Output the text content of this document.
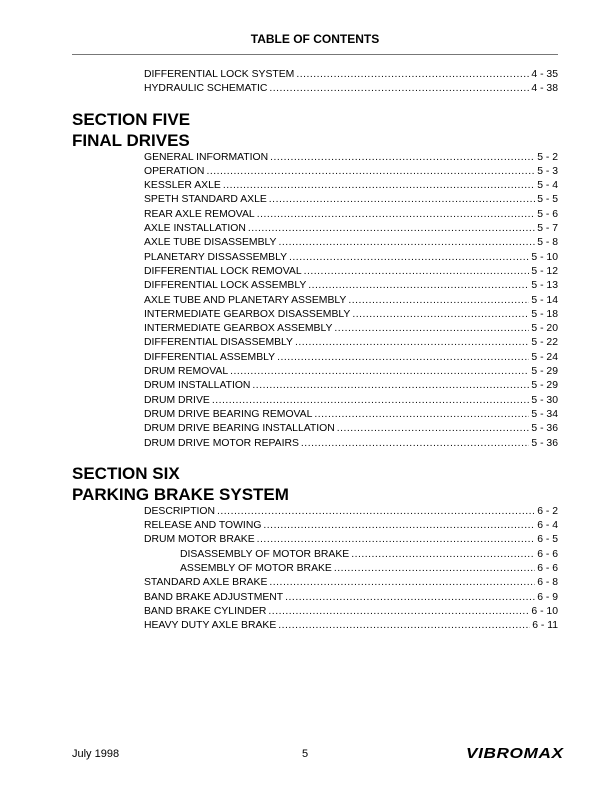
TABLE OF CONTENTS
DIFFERENTIAL LOCK SYSTEM .....	4 - 35
HYDRAULIC SCHEMATIC .....	4 - 38
SECTION FIVE
FINAL DRIVES
GENERAL INFORMATION .....	5 - 2
OPERATION .....	5 - 3
KESSLER AXLE .....	5 - 4
SPETH STANDARD AXLE .....	5 - 5
REAR AXLE REMOVAL .....	5 - 6
AXLE INSTALLATION .....	5 - 7
AXLE TUBE DISASSEMBLY .....	5 - 8
PLANETARY DISSASSEMBLY .....	5 - 10
DIFFERENTIAL LOCK REMOVAL .....	5 - 12
DIFFERENTIAL LOCK ASSEMBLY .....	5 - 13
AXLE TUBE AND PLANETARY ASSEMBLY .....	5 - 14
INTERMEDIATE GEARBOX DISASSEMBLY .....	5 - 18
INTERMEDIATE GEARBOX ASSEMBLY .....	5 - 20
DIFFERENTIAL DISASSEMBLY .....	5 - 22
DIFFERENTIAL ASSEMBLY .....	5 - 24
DRUM REMOVAL .....	5 - 29
DRUM INSTALLATION .....	5 - 29
DRUM DRIVE .....	5 - 30
DRUM DRIVE BEARING REMOVAL .....	5 - 34
DRUM DRIVE BEARING INSTALLATION .....	5 - 36
DRUM DRIVE MOTOR REPAIRS .....	5 - 36
SECTION SIX
PARKING BRAKE SYSTEM
DESCRIPTION .....	6 - 2
RELEASE AND TOWING .....	6 - 4
DRUM MOTOR BRAKE .....	6 - 5
DISASSEMBLY OF MOTOR BRAKE .....	6 - 6
ASSEMBLY OF MOTOR BRAKE .....	6 - 6
STANDARD AXLE BRAKE .....	6 - 8
BAND BRAKE ADJUSTMENT .....	6 - 9
BAND BRAKE CYLINDER .....	6 - 10
HEAVY DUTY AXLE BRAKE .....	6 - 11
July 1998	5	VIBROMAX
